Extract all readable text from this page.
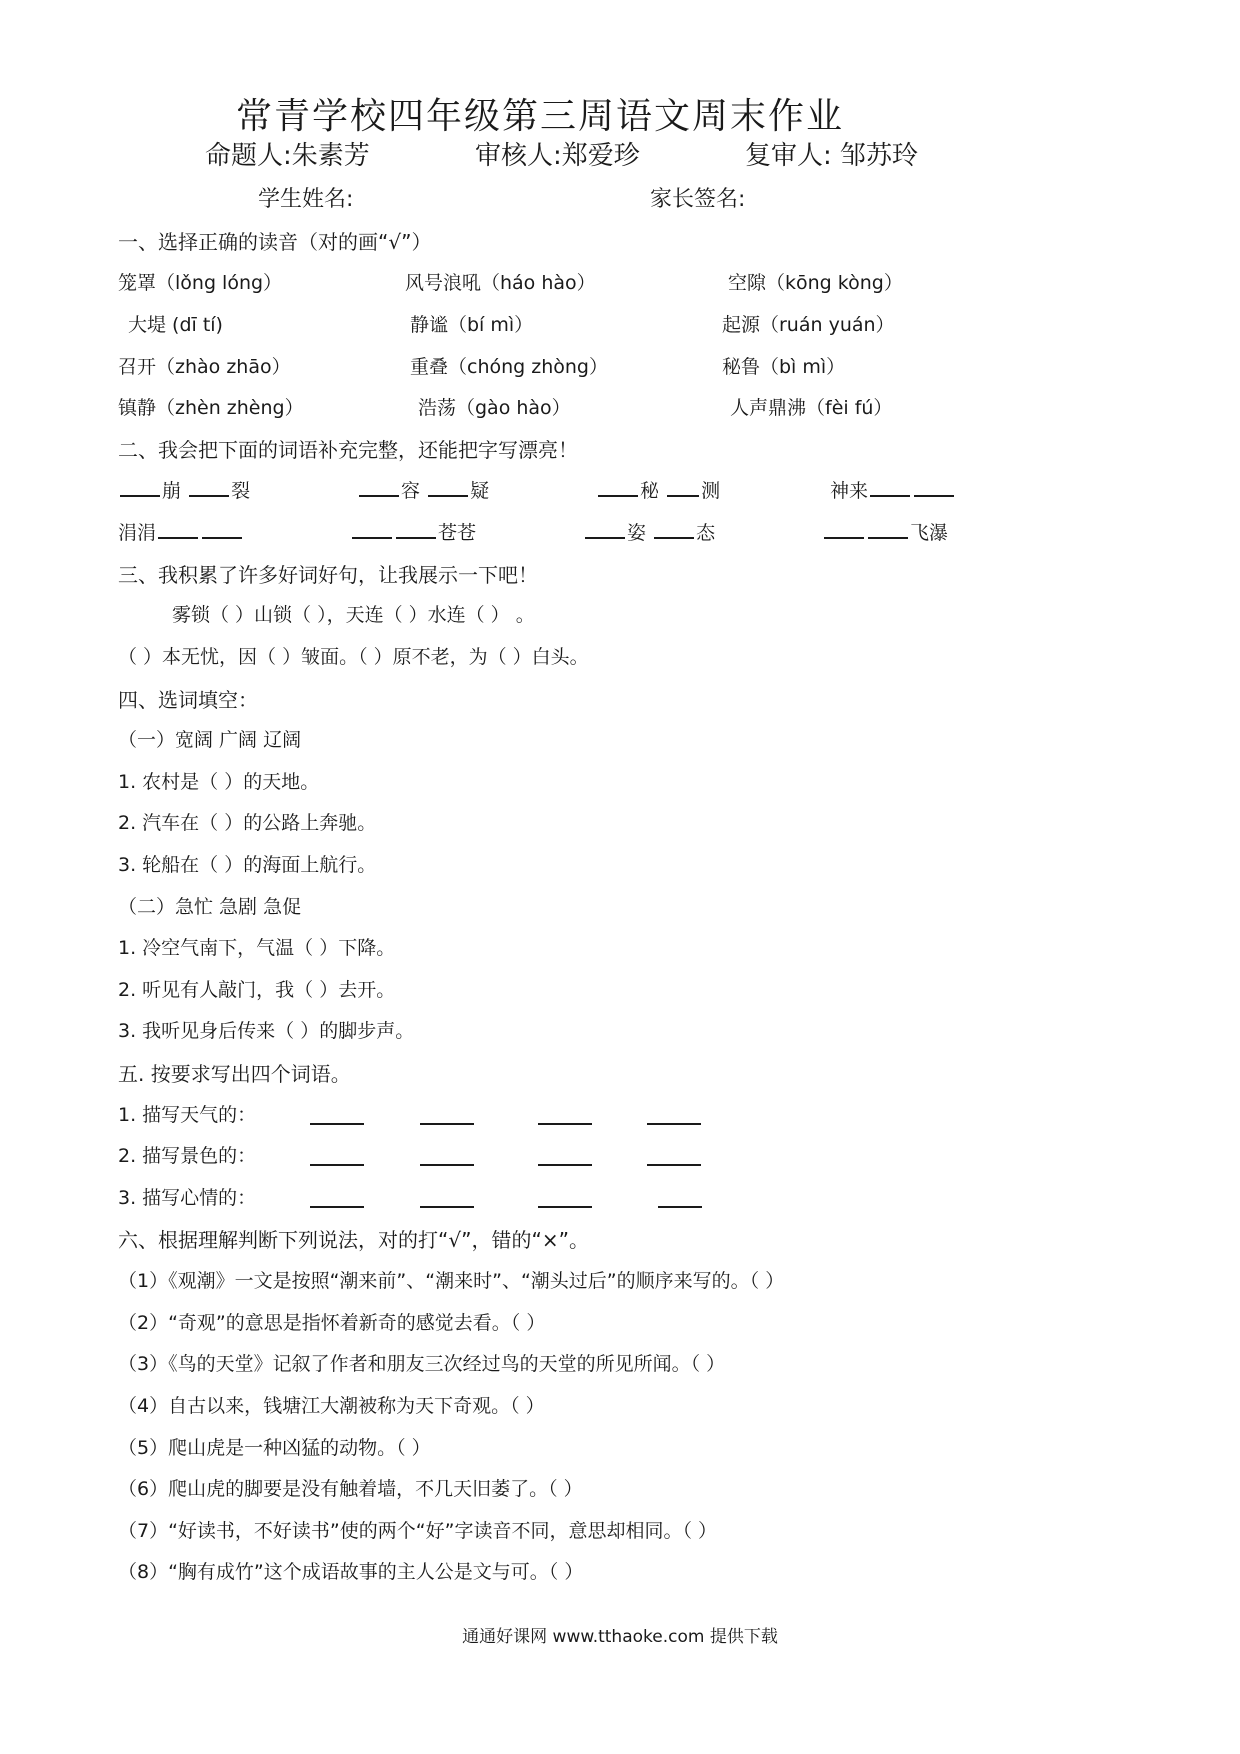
常青学校四年级第三周语文周末作业
命题人:朱素芳	审核人:郑爱珍	复审人: 邹苏玲
学生姓名:	家长签名:
一、选择正确的读音（对的画“√”）
笼罩（lǒng lóng）	风号浪吼（háo hào）	空隙（kōng kòng）
大堤 (dī tí)	静谧（bí mì）	起源（ruán yuán）
召开（zhào zhāo）	重叠（chóng zhòng）	秘鲁（bì mì）
镇静（zhèn zhèng）	浩荡（gào hào）	人声鼎沸（fèi fú）
二、我会把下面的词语补充完整，还能把字写漂亮！
崩	裂	容	疑	秘 测	神来
涓涓	苍苍	姿	态	飞瀑
三、我积累了许多好词好句，让我展示一下吧！
雾锁（ ）山锁（ ），天连（ ）水连（ ） 。
（ ）本无忧，因（ ）皱面。（ ）原不老，为（ ）白头。
四、选词填空：
（一）宽阔 广阔 辽阔
1. 农村是（ ）的天地。
2. 汽车在（ ）的公路上奔驰。
3. 轮船在（ ）的海面上航行。
（二）急忙 急剧 急促
1. 冷空气南下，气温（ ）下降。
2. 听见有人敲门，我（ ）去开。
3. 我听见身后传来（ ）的脚步声。
五. 按要求写出四个词语。
1. 描写天气的：
2. 描写景色的：
3. 描写心情的：
六、根据理解判断下列说法，对的打“√”，错的“×”。
（1）《观潮》一文是按照“潮来前”、“潮来时”、“潮头过后”的顺序来写的。（ ）
（2）“奇观”的意思是指怀着新奇的感觉去看。（ ）
（3）《鸟的天堂》记叙了作者和朋友三次经过鸟的天堂的所见所闻。（ ）
（4）自古以来，钱塘江大潮被称为天下奇观。（ ）
（5）爬山虎是一种凶猛的动物。（ ）
（6）爬山虎的脚要是没有触着墙，不几天旧萎了。（ ）
（7）“好读书，不好读书”使的两个“好”字读音不同，意思却相同。（ ）
（8）“胸有成竹”这个成语故事的主人公是文与可。（ ）
通通好课网 www.tthaoke.com 提供下载
